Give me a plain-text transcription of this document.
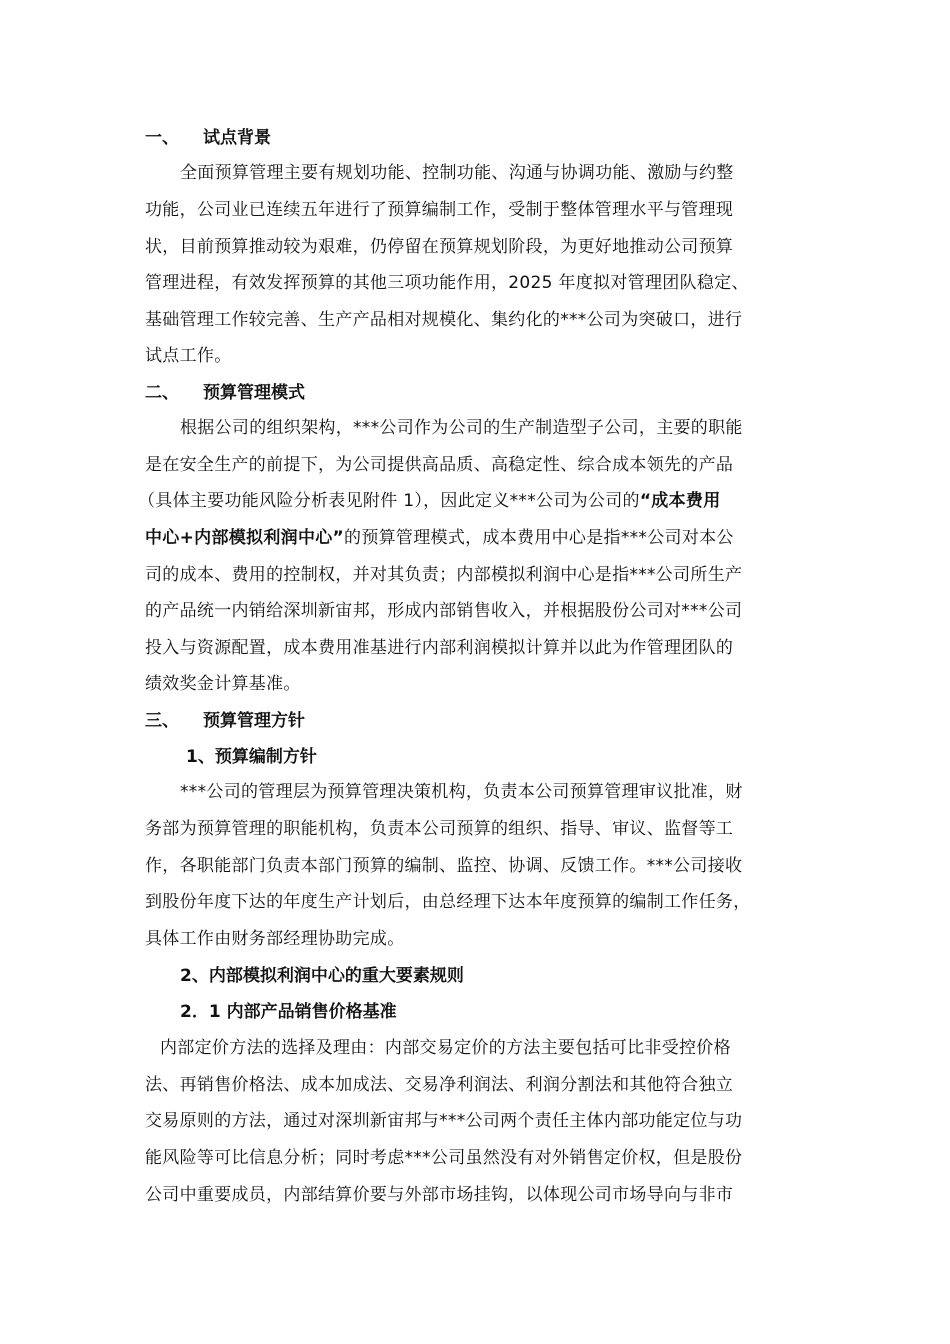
一、 试点背景
全面预算管理主要有规划功能、控制功能、沟通与协调功能、激励与约整
功能，公司业已连续五年进行了预算编制工作，受制于整体管理水平与管理现
状，目前预算推动较为艰难，仍停留在预算规划阶段，为更好地推动公司预算
管理进程，有效发挥预算的其他三项功能作用，2025 年度拟对管理团队稳定、
基础管理工作较完善、生产产品相对规模化、集约化的***公司为突破口，进行
试点工作。
二、 预算管理模式
根据公司的组织架构，***公司作为公司的生产制造型子公司，主要的职能
是在安全生产的前提下，为公司提供高品质、高稳定性、综合成本领先的产品
（具体主要功能风险分析表见附件 1），因此定义***公司为公司的“成本费用
中心+内部模拟利润中心”的预算管理模式，成本费用中心是指***公司对本公
司的成本、费用的控制权，并对其负责；内部模拟利润中心是指***公司所生产
的产品统一内销给深圳新宙邦，形成内部销售收入，并根据股份公司对***公司
投入与资源配置，成本费用准基进行内部利润模拟计算并以此为作管理团队的
绩效奖金计算基准。
三、 预算管理方针
1、预算编制方针
***公司的管理层为预算管理决策机构，负责本公司预算管理审议批准，财
务部为预算管理的职能机构，负责本公司预算的组织、指导、审议、监督等工
作，各职能部门负责本部门预算的编制、监控、协调、反馈工作。***公司接收
到股份年度下达的年度生产计划后，由总经理下达本年度预算的编制工作任务，
具体工作由财务部经理协助完成。
2、内部模拟利润中心的重大要素规则
2．1 内部产品销售价格基准
内部定价方法的选择及理由：内部交易定价的方法主要包括可比非受控价格
法、再销售价格法、成本加成法、交易净利润法、利润分割法和其他符合独立
交易原则的方法，通过对深圳新宙邦与***公司两个责任主体内部功能定位与功
能风险等可比信息分析；同时考虑***公司虽然没有对外销售定价权，但是股份
公司中重要成员，内部结算价要与外部市场挂钩，以体现公司市场导向与非市
